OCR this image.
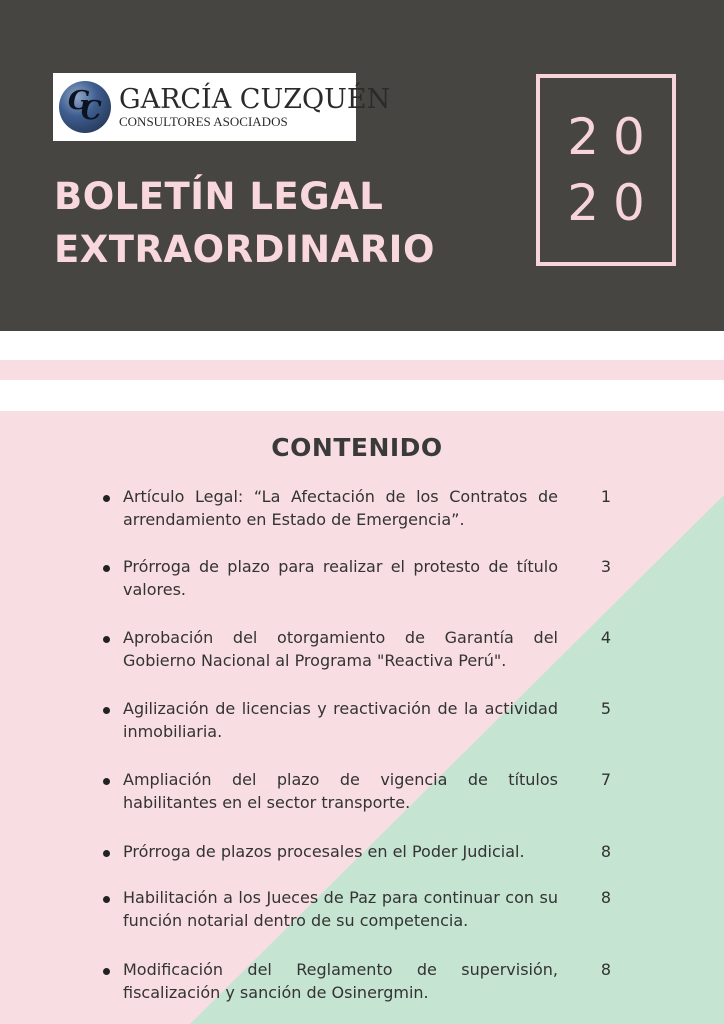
G
C GARCÍA CUZQUÉN
CONSULTORES ASOCIADOS
BOLETÍN LEGAL
EXTRAORDINARIO
20
20
CONTENIDO
Artículo Legal: “La Afectación de los Contratos de arrendamiento en Estado de Emergencia”.
1
Prórroga de plazo para realizar el protesto de título valores.
3
Aprobación del otorgamiento de Garantía del Gobierno Nacional al Programa "Reactiva Perú".
4
Agilización de licencias y reactivación de la actividad inmobiliaria.
5
Ampliación del plazo de vigencia de títulos habilitantes en el sector transporte.
7
Prórroga de plazos procesales en el Poder Judicial.	8
Habilitación a los Jueces de Paz para continuar con su función notarial dentro de su competencia.
8
Modificación del Reglamento de supervisión, fiscalización y sanción de Osinergmin.
8
